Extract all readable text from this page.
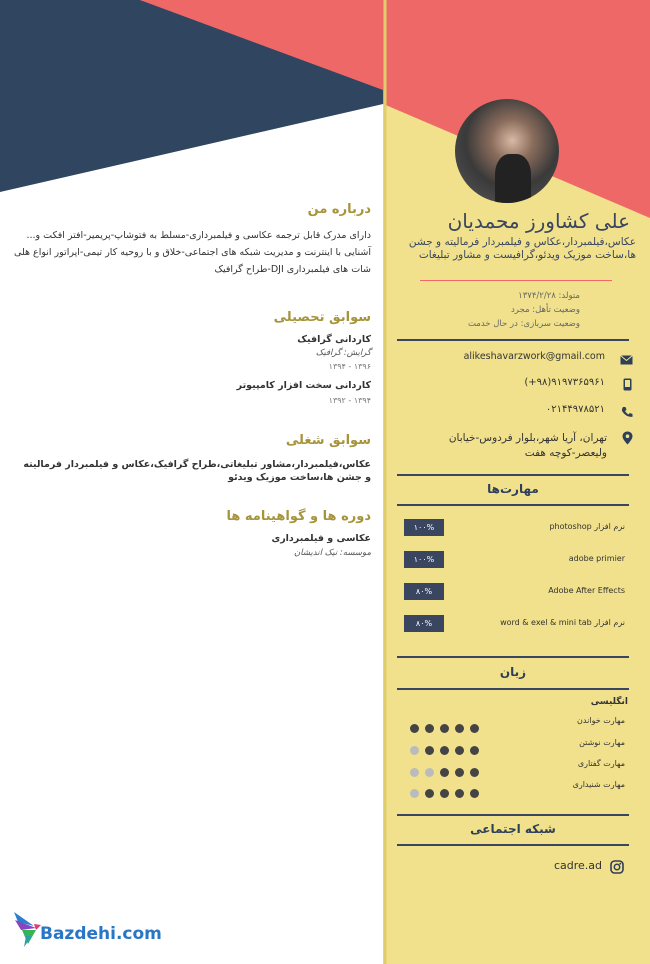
علی کشاورز محمدیان
عکاس،فیلمبردار،عکاس و فیلمبردار فرمالیته و جشن ها،ساخت موزیک ویدئو،گرافیست و مشاور تبلیغات
متولد: ۱۳۷۴/۲/۲۸
وضعیت تأهل: مجرد
وضعیت سربازی: در حال خدمت
alikeshavarzwork@gmail.com
(+۹۸)۹۱۹۷۳۶۵۹۶۱
۰۲۱۴۴۹۷۸۵۲۱
تهران، آریا شهر،بلوار فردوس-خیابان ولیعصر-کوچه هفت
مهارت‌ها
نرم افزار photoshop
۱۰۰%
adobe primier
۱۰۰%
Adobe After Effects
۸۰%
نرم افزار word & exel & mini tab
۸۰%
زبان
انگلیسی
مهارت خواندن
مهارت نوشتن
مهارت گفتاری
مهارت شنیداری
شبکه اجتماعی
cadre.ad
درباره من
دارای مدرک قابل ترجمه عکاسی و فیلمبرداری-مسلط به فتوشاپ-پریمیر-افتر افکت و... آشنایی با اینترنت و مدیریت شبکه های اجتماعی-خلاق و با روحیه کار تیمی-اپراتور انواع هلی شات های فیلمبرداری DJI-طراح گرافیک
سوابق تحصیلی
کاردانی گرافیک
گرایش: گرافیک
۱۳۹۶ - ۱۳۹۴
کاردانی سخت افزار کامپیوتر
۱۳۹۴ - ۱۳۹۲
سوابق شغلی
عکاس،فیلمبردار،مشاور تبلیغاتی،طراح گرافیک،عکاس و فیلمبردار فرمالیته و جشن ها،ساخت موزیک ویدئو
دوره ها و گواهینامه ها
عکاسی و فیلمبرداری
موسسه: نیک اندیشان
Bazdehi.com
